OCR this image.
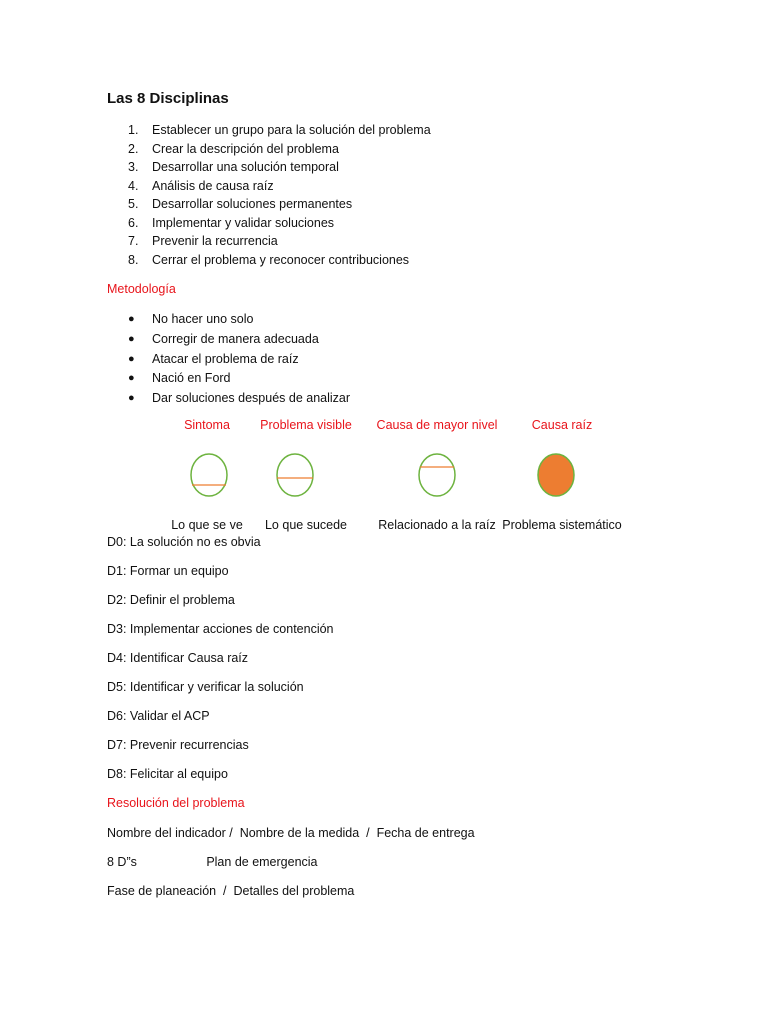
Las 8 Disciplinas
1.	Establecer un grupo para la solución del problema
2.	Crear la descripción del problema
3.	Desarrollar una solución temporal
4.	Análisis de causa raíz
5.	Desarrollar soluciones permanentes
6.	Implementar y validar soluciones
7.	Prevenir la recurrencia
8.	Cerrar el problema y reconocer contribuciones
Metodología
●	No hacer uno solo
●	Corregir de manera adecuada
●	Atacar el problema de raíz
●	Nació en Ford
●	Dar soluciones después de analizar
Sintoma
Lo que se ve
Problema visible
Lo que sucede
Causa de mayor nivel
Relacionado a la raíz
Causa raíz
Problema sistemático
D0: La solución no es obvia
D1: Formar un equipo
D2: Definir el problema
D3: Implementar acciones de contención
D4: Identificar Causa raíz
D5: Identificar y verificar la solución
D6: Validar el ACP
D7: Prevenir recurrencias
D8: Felicitar al equipo
Resolución del problema
Nombre del indicador /  Nombre de la medida  /  Fecha de entrega
8 D”s                    Plan de emergencia
Fase de planeación  /  Detalles del problema
